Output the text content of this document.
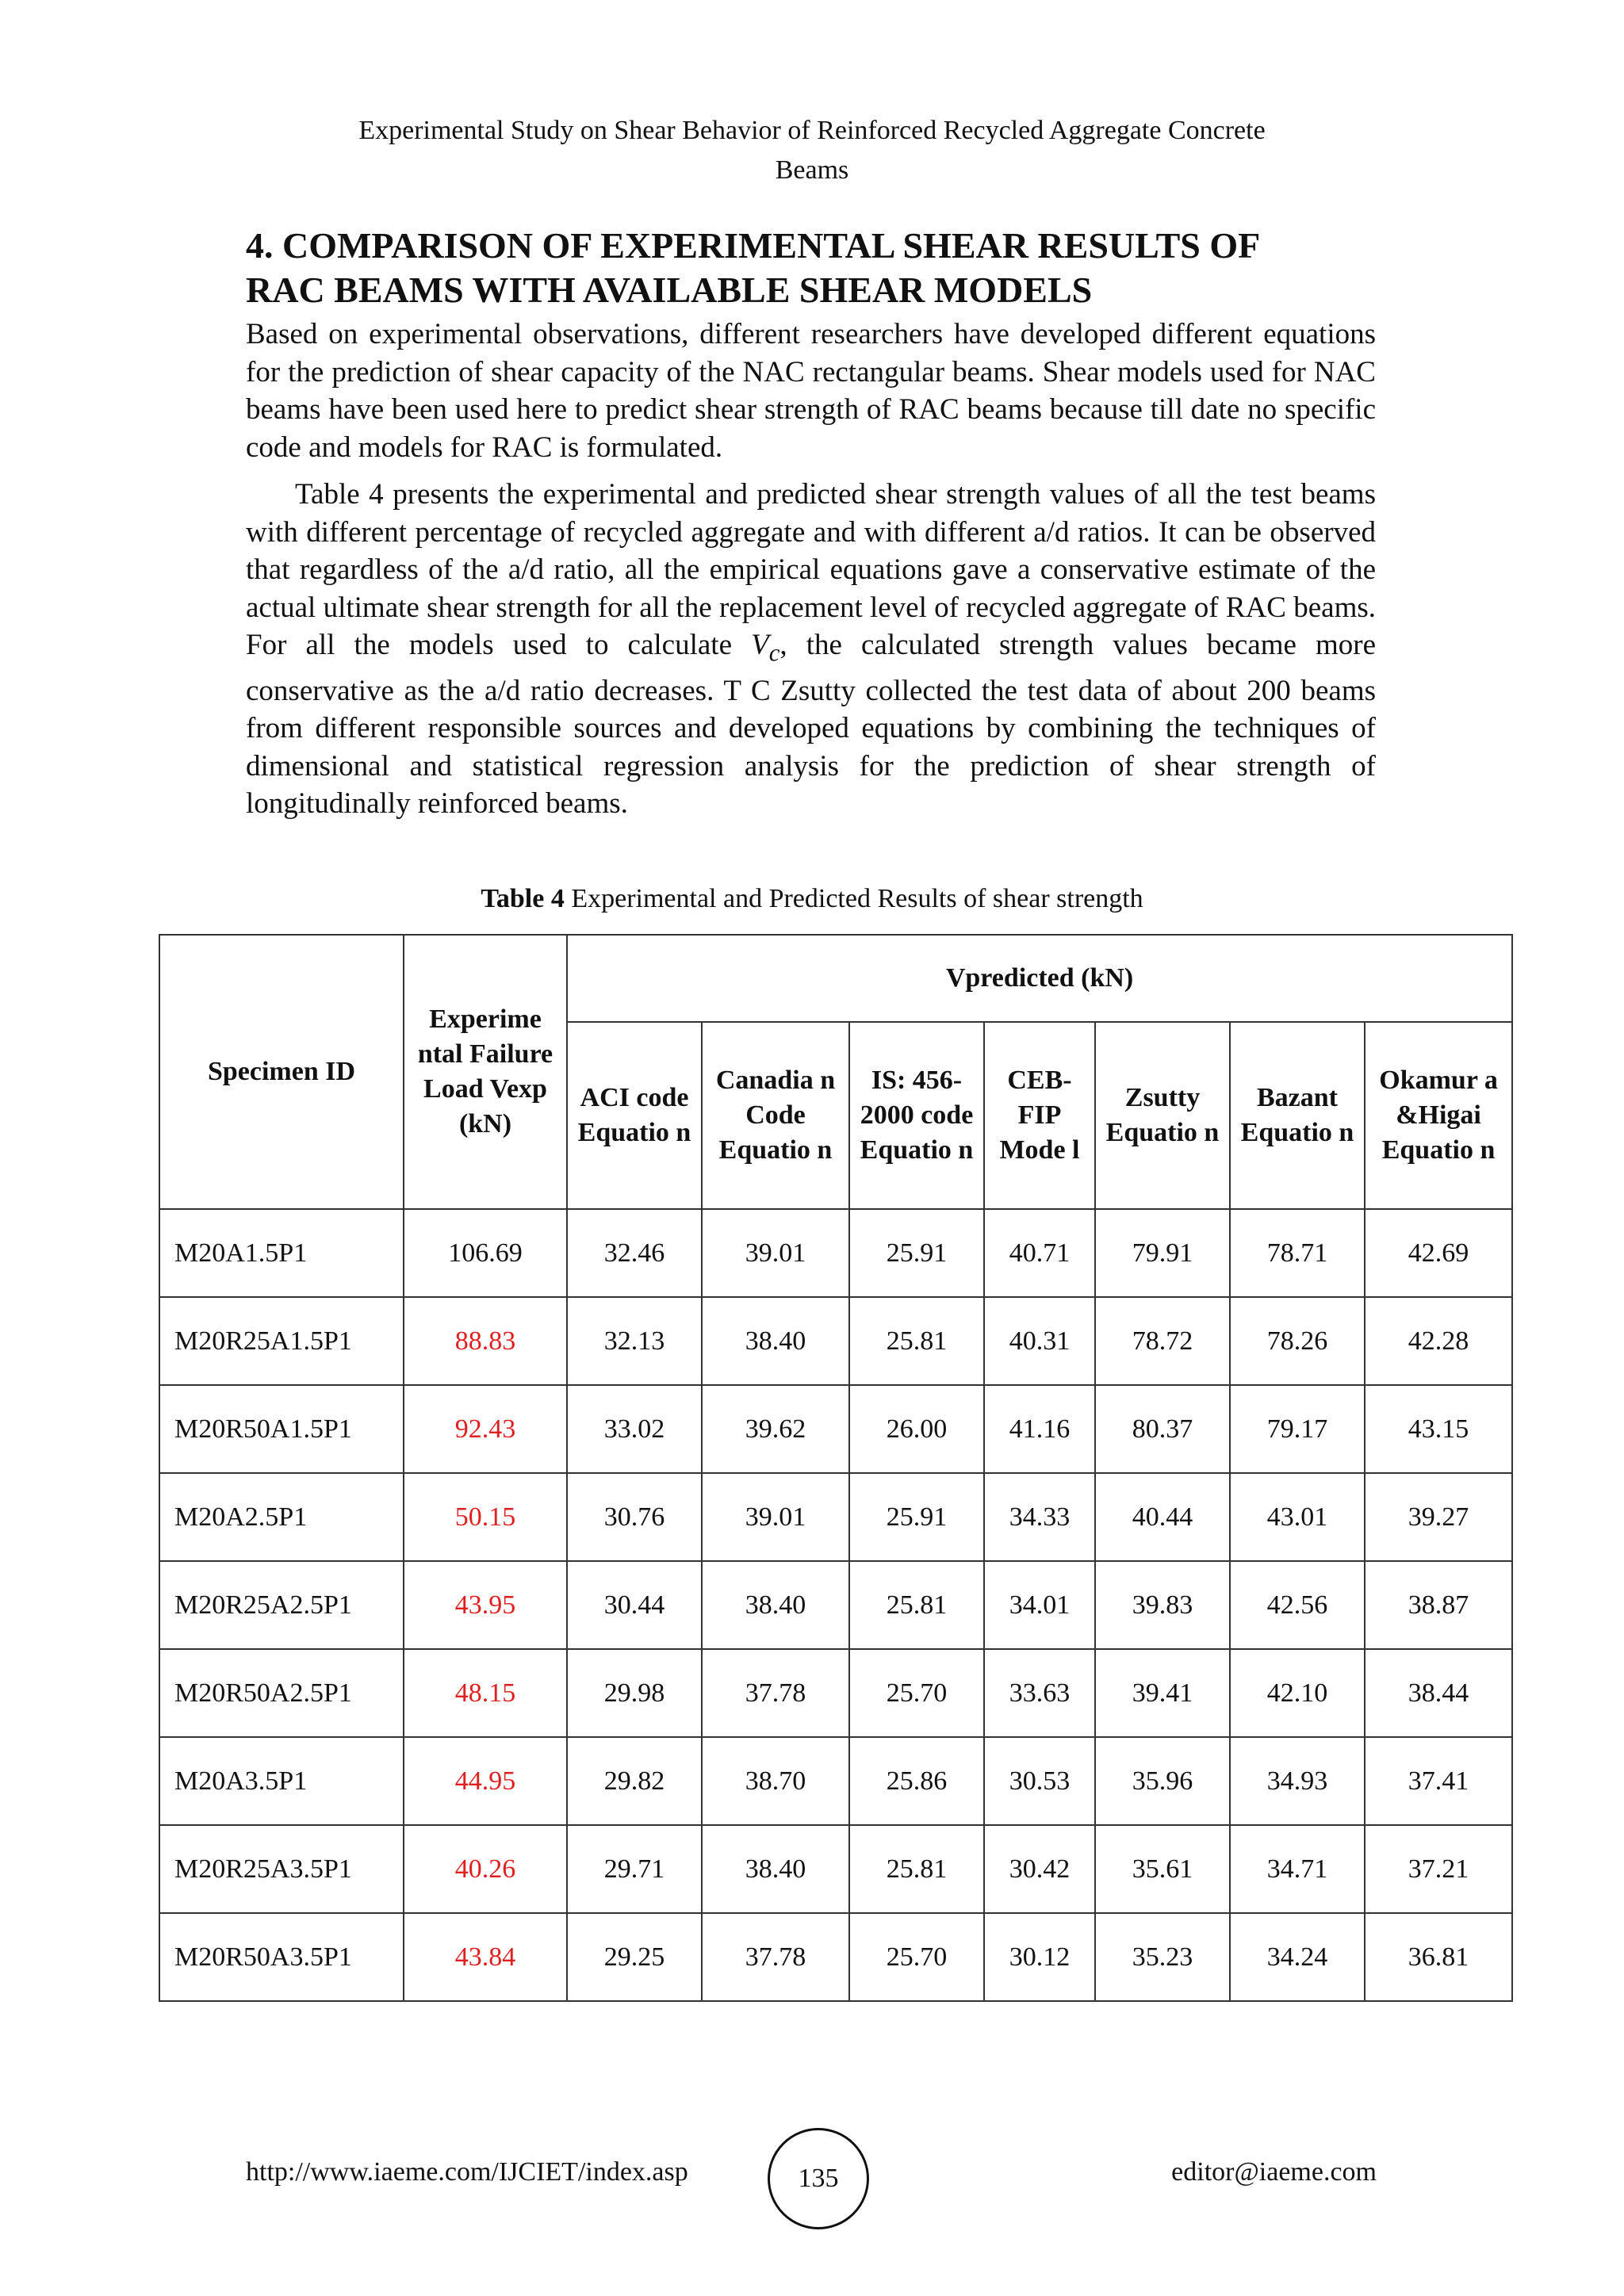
Experimental Study on Shear Behavior of Reinforced Recycled Aggregate Concrete
Beams
4. COMPARISON OF EXPERIMENTAL SHEAR RESULTS OF
RAC BEAMS WITH AVAILABLE SHEAR MODELS

Based on experimental observations, different researchers have developed different equations for the prediction of shear capacity of the NAC rectangular beams. Shear models used for NAC beams have been used here to predict shear strength of RAC beams because till date no specific code and models for RAC is formulated.

Table 4 presents the experimental and predicted shear strength values of all the test beams with different percentage of recycled aggregate and with different a/d ratios. It can be observed that regardless of the a/d ratio, all the empirical equations gave a conservative estimate of the actual ultimate shear strength for all the replacement level of recycled aggregate of RAC beams. For all the models used to calculate $V_c$, the calculated strength values became more conservative as the a/d ratio decreases. T C Zsutty collected the test data of about 200 beams from different responsible sources and developed equations by combining the techniques of dimensional and statistical regression analysis for the prediction of shear strength of longitudinally reinforced beams.

Table 4 Experimental and Predicted Results of shear strength
Specimen ID	Experime ntal Failure Load Vexp (kN)	Vpredicted (kN)						
		ACI code Equatio n	Canadia n Code Equatio n	IS: 456-2000 code Equatio n	CEB-FIP Mode l	Zsutty Equatio n	Bazant Equatio n	Okamur a &Higai Equatio n
M20A1.5P1	106.69	32.46	39.01	25.91	40.71	79.91	78.71	42.69
M20R25A1.5P1	88.83	32.13	38.40	25.81	40.31	78.72	78.26	42.28
M20R50A1.5P1	92.43	33.02	39.62	26.00	41.16	80.37	79.17	43.15
M20A2.5P1	50.15	30.76	39.01	25.91	34.33	40.44	43.01	39.27
M20R25A2.5P1	43.95	30.44	38.40	25.81	34.01	39.83	42.56	38.87
M20R50A2.5P1	48.15	29.98	37.78	25.70	33.63	39.41	42.10	38.44
M20A3.5P1	44.95	29.82	38.70	25.86	30.53	35.96	34.93	37.41
M20R25A3.5P1	40.26	29.71	38.40	25.81	30.42	35.61	34.71	37.21
M20R50A3.5P1	43.84	29.25	37.78	25.70	30.12	35.23	34.24	36.81
http://www.iaeme.com/IJCIET/index.asp	135	editor@iaeme.com
